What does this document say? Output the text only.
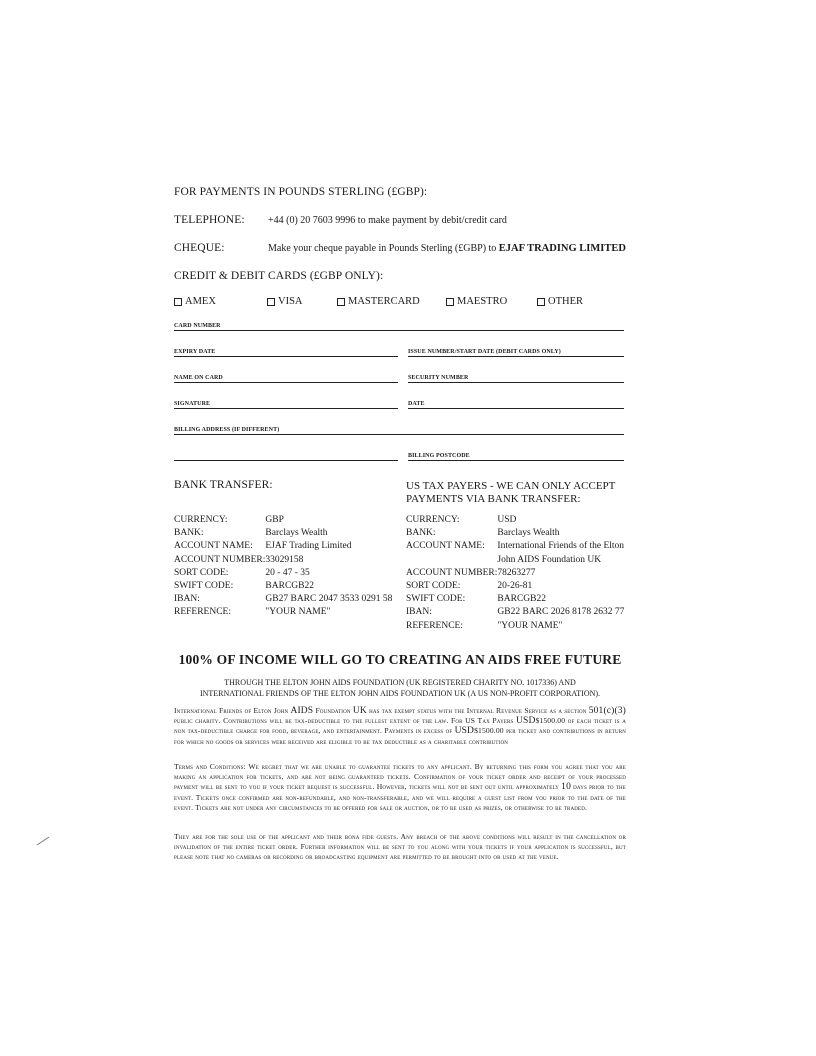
FOR PAYMENTS IN POUNDS STERLING (£GBP):
TELEPHONE: +44 (0) 20 7603 9996 to make payment by debit/credit card
CHEQUE:	Make your cheque payable in Pounds Sterling (£GBP) to EJAF TRADING LIMITED
CREDIT & DEBIT CARDS (£GBP ONLY):
AMEX	VISA	MASTERCARD	MAESTRO	OTHER
CARD NUMBER
EXPIRY DATE	ISSUE NUMBER/START DATE (DEBIT CARDS ONLY)
NAME ON CARD	SECURITY NUMBER
SIGNATURE	DATE
BILLING ADDRESS (IF DIFFERENT)
BILLING POSTCODE
BANK TRANSFER:
CURRENCY:	GBP
BANK:	Barclays Wealth
ACCOUNT NAME:	EJAF Trading Limited
ACCOUNT NUMBER:	33029158
SORT CODE:	20 - 47 - 35
SWIFT CODE:	BARCGB22
IBAN:	GB27 BARC 2047 3533 0291 58
REFERENCE:	"YOUR NAME"
US TAX PAYERS - WE CAN ONLY ACCEPT
PAYMENTS VIA BANK TRANSFER:
CURRENCY:	USD
BANK:	Barclays Wealth
ACCOUNT NAME:	International Friends of the Elton
	John AIDS Foundation UK
ACCOUNT NUMBER:	78263277
SORT CODE:	20-26-81
SWIFT CODE:	BARCGB22
IBAN:	GB22 BARC 2026 8178 2632 77
REFERENCE:	"YOUR NAME"
100% OF INCOME WILL GO TO CREATING AN AIDS FREE FUTURE
THROUGH THE ELTON JOHN AIDS FOUNDATION (UK REGISTERED CHARITY NO. 1017336) AND
INTERNATIONAL FRIENDS OF THE ELTON JOHN AIDS FOUNDATION UK (A US NON-PROFIT CORPORATION).
International Friends of Elton John AIDS Foundation UK has tax exempt status with the Internal Revenue Service as a section 501(c)(3) public charity. Contributions will be tax-deductible to the fullest extent of the law. For US Tax Payers USD$1500.00 of each ticket is a non tax-deductible charge for food, beverage, and entertainment. Payments in excess of USD$1500.00 per ticket and contributions in return for which no goods or services were received are eligible to be tax deductible as a charitable contribution
Terms and Conditions: We regret that we are unable to guarantee tickets to any applicant. By returning this form you agree that you are making an application for tickets, and are not being guaranteed tickets. Confirmation of your ticket order and receipt of your processed payment will be sent to you if your ticket request is successful. However, tickets will not be sent out until approximately 10 days prior to the event. Tickets once confirmed are non-refundable, and non-transferable, and we will require a guest list from you prior to the date of the event. Tickets are not under any circumstances to be offered for sale or auction, or to be used as prizes, or otherwise to be traded.
They are for the sole use of the applicant and their bona fide guests. Any breach of the above conditions will result in the cancellation or invalidation of the entire ticket order. Further information will be sent to you along with your tickets if your application is successful, but please note that no cameras or recording or broadcasting equipment are permitted to be brought into or used at the venue.
